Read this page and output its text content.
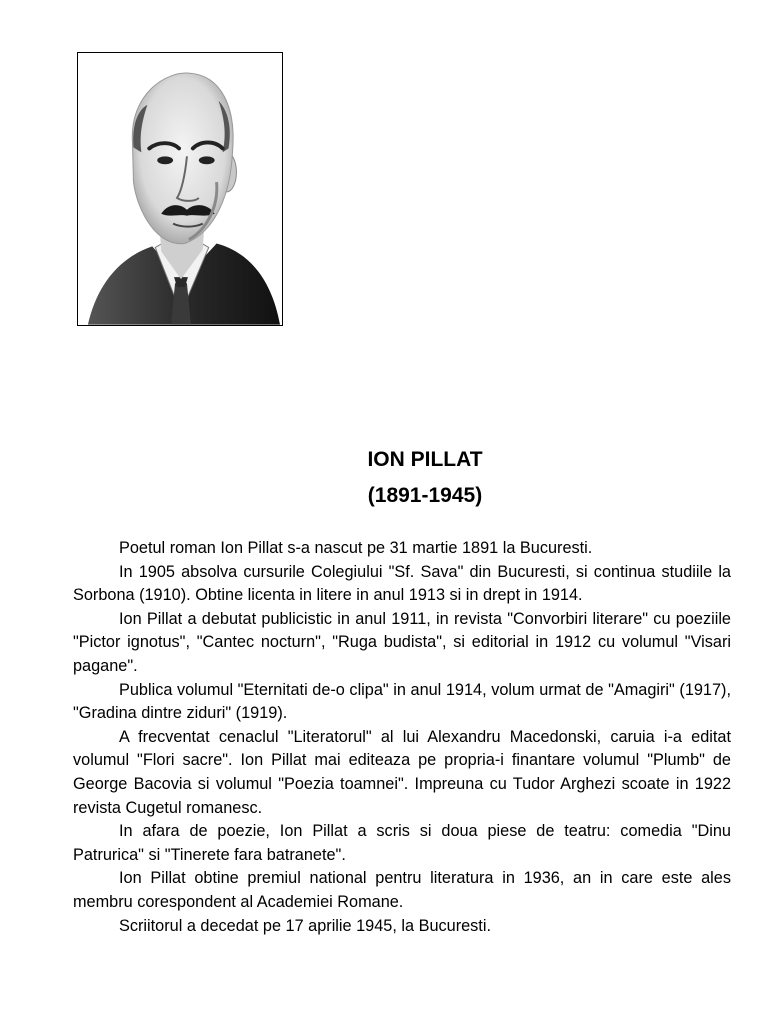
ION PILLAT
(1891-1945)

Poetul roman Ion Pillat s-a nascut pe 31 martie 1891 la Bucuresti.

In 1905 absolva cursurile Colegiului "Sf. Sava" din Bucuresti, si continua studiile la Sorbona (1910). Obtine licenta in litere in anul 1913 si in drept in 1914.

Ion Pillat a debutat publicistic in anul 1911, in revista "Convorbiri literare" cu poeziile "Pictor ignotus", "Cantec nocturn", "Ruga budista", si editorial in 1912 cu volumul "Visari pagane".

Publica volumul "Eternitati de-o clipa" in anul 1914, volum urmat de "Amagiri" (1917), "Gradina dintre ziduri" (1919).

A frecventat cenaclul "Literatorul" al lui Alexandru Macedonski, caruia i-a editat volumul "Flori sacre". Ion Pillat mai editeaza pe propria-i finantare volumul "Plumb" de George Bacovia si volumul "Poezia toamnei". Impreuna cu Tudor Arghezi scoate in 1922 revista Cugetul romanesc.

In afara de poezie, Ion Pillat a scris si doua piese de teatru: comedia "Dinu Patrurica" si "Tinerete fara batranete".

Ion Pillat obtine premiul national pentru literatura in 1936, an in care este ales membru corespondent al Academiei Romane.

Scriitorul a decedat pe 17 aprilie 1945, la Bucuresti.
